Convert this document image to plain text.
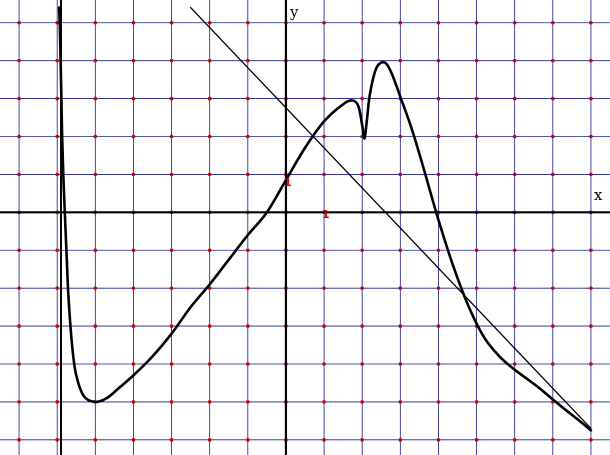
x
y
1
1
